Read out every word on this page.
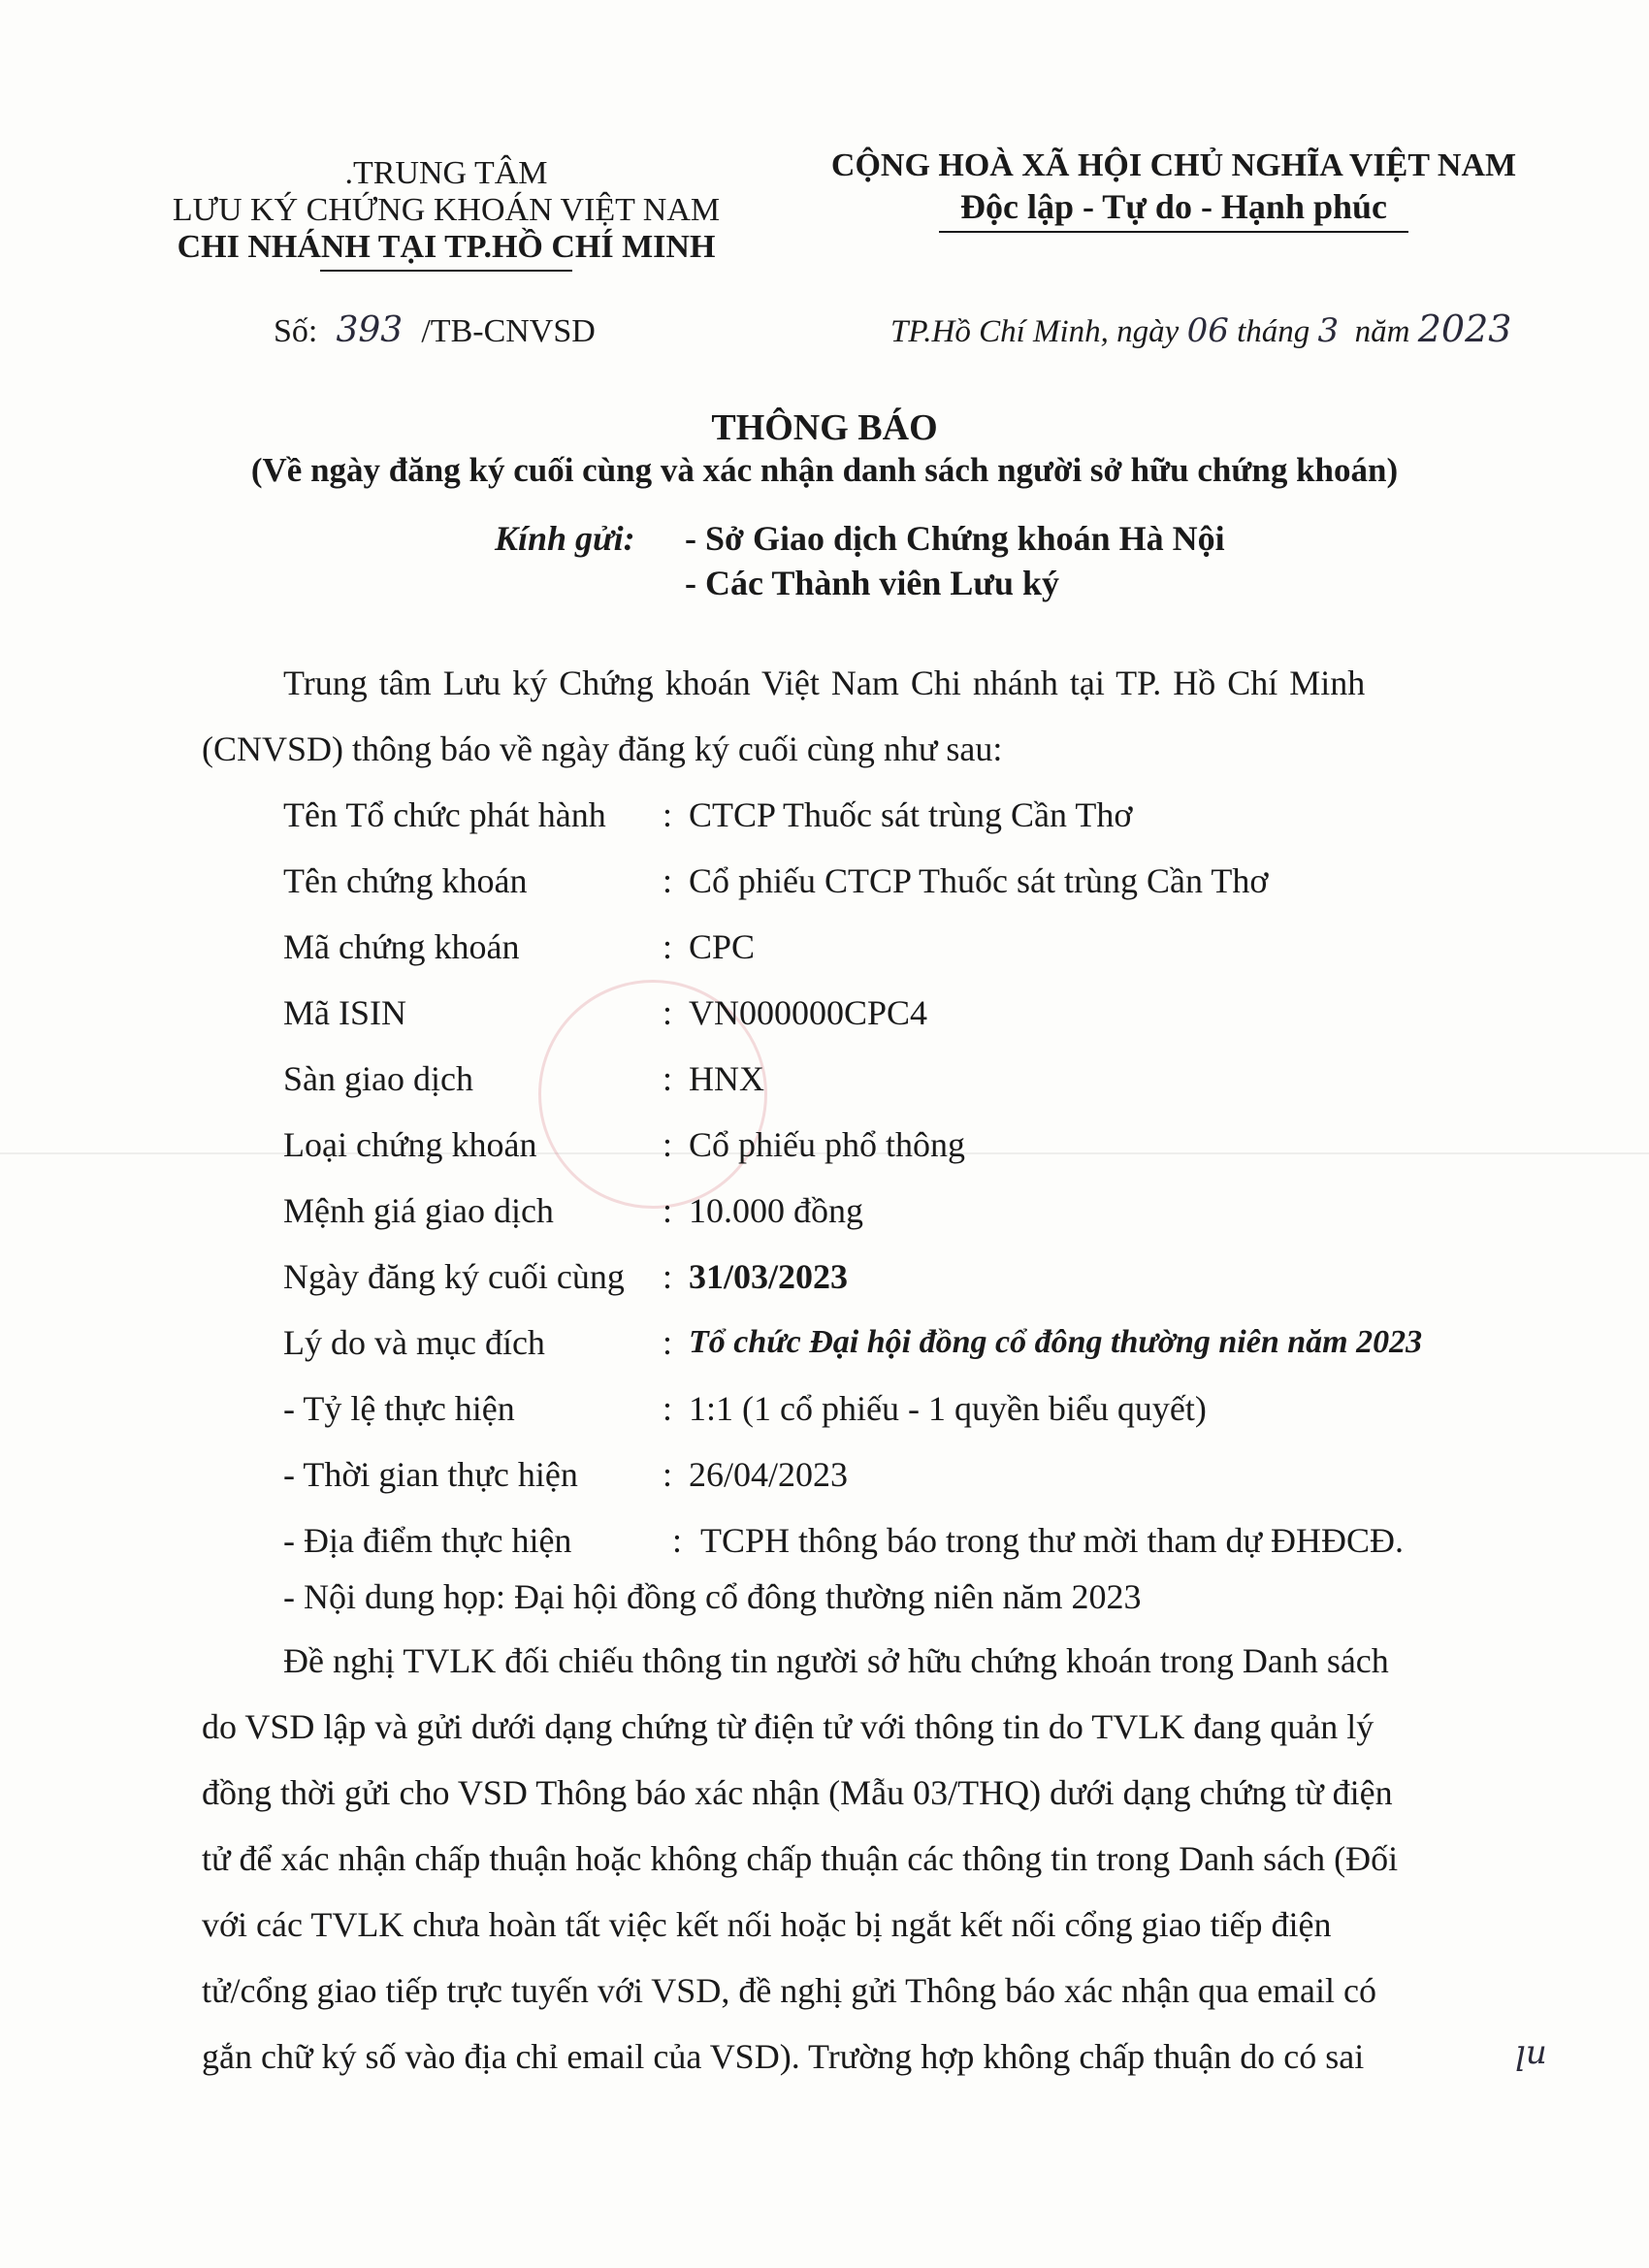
.TRUNG TÂM
LƯU KÝ CHỨNG KHOÁN VIỆT NAM
CHI NHÁNH TẠI TP.HỒ CHÍ MINH
Số: 393 /TB-CNVSD
CỘNG HOÀ XÃ HỘI CHỦ NGHĨA VIỆT NAM
Độc lập - Tự do - Hạnh phúc
TP.Hồ Chí Minh, ngày 06 tháng 3 năm 2023
THÔNG BÁO
(Về ngày đăng ký cuối cùng và xác nhận danh sách người sở hữu chứng khoán)
Kính gửi: - Sở Giao dịch Chứng khoán Hà Nội
- Các Thành viên Lưu ký
Trung tâm Lưu ký Chứng khoán Việt Nam Chi nhánh tại TP. Hồ Chí Minh
(CNVSD) thông báo về ngày đăng ký cuối cùng như sau:
Tên Tổ chức phát hành : CTCP Thuốc sát trùng Cần Thơ
Tên chứng khoán	: Cổ phiếu CTCP Thuốc sát trùng Cần Thơ
Mã chứng khoán	: CPC
Mã ISIN	: VN000000CPC4
Sàn giao dịch	: HNX
Loại chứng khoán	: Cổ phiếu phổ thông
Mệnh giá giao dịch	: 10.000 đồng
Ngày đăng ký cuối cùng : 31/03/2023
Lý do và mục đích	: Tổ chức Đại hội đồng cổ đông thường niên năm 2023
- Tỷ lệ thực hiện	: 1:1 (1 cổ phiếu - 1 quyền biểu quyết)
- Thời gian thực hiện : 26/04/2023
- Địa điểm thực hiện	: TCPH thông báo trong thư mời tham dự ĐHĐCĐ.
- Nội dung họp: Đại hội đồng cổ đông thường niên năm 2023
Đề nghị TVLK đối chiếu thông tin người sở hữu chứng khoán trong Danh sách
do VSD lập và gửi dưới dạng chứng từ điện tử với thông tin do TVLK đang quản lý
đồng thời gửi cho VSD Thông báo xác nhận (Mẫu 03/THQ) dưới dạng chứng từ điện
tử để xác nhận chấp thuận hoặc không chấp thuận các thông tin trong Danh sách (Đối
với các TVLK chưa hoàn tất việc kết nối hoặc bị ngắt kết nối cổng giao tiếp điện
tử/cổng giao tiếp trực tuyến với VSD, đề nghị gửi Thông báo xác nhận qua email có
gắn chữ ký số vào địa chỉ email của VSD). Trường hợp không chấp thuận do có sai	ꞁu
